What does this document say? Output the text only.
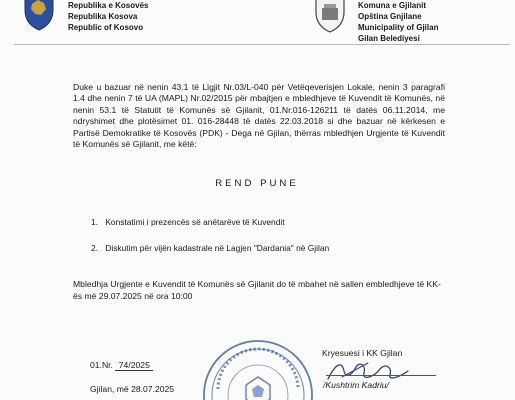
Republika e Kosovës
Republika Kosova
Republic of Kosovo
Komuna e Gjilanit
Opština Gnjilane
Municipality of Gjilan
Gilan Belediyesi

Duke u bazuar në nenin 43.1 të Ligjit Nr.03/L-040 për Vetëqeverisjen Lokale, nenin 3 paragrafi 1.4 dhe nenin 7 të UA (MAPL) Nr.02/2015 për mbajtjen e mbledhjeve të Kuvendit të Komunës, në nenin 53.1 të Statutit të Komunës së Gjilanit, 01.Nr.016-126211 të datës 06.11.2014, me ndryshimet dhe plotësimet 01. 016-28448 të datës 22.03.2018 si dhe bazuar në kërkesen e Partisë Demokratike të Kosovës (PDK) - Dega në Gjilan, thërras mbledhjen Urgjente të Kuvendit të Komunës së Gjilanit, me këtë:

REND PUNE
1. Konstatimi i prezencës së anëtarëve të Kuvendit
2. Diskutim për vijën kadastrale në Lagjen "Dardania" në Gjilan

Mbledhja Urgjente e Kuvendit të Komunës së Gjilanit do të mbahet në sallen embledhjeve të KK-ës më 29.07.2025 në ora 10:00

Kryesuesi i KK Gjilan
/Kushtrim Kadriu/
01.Nr. 74/2025
Gjilan, më 28.07.2025
